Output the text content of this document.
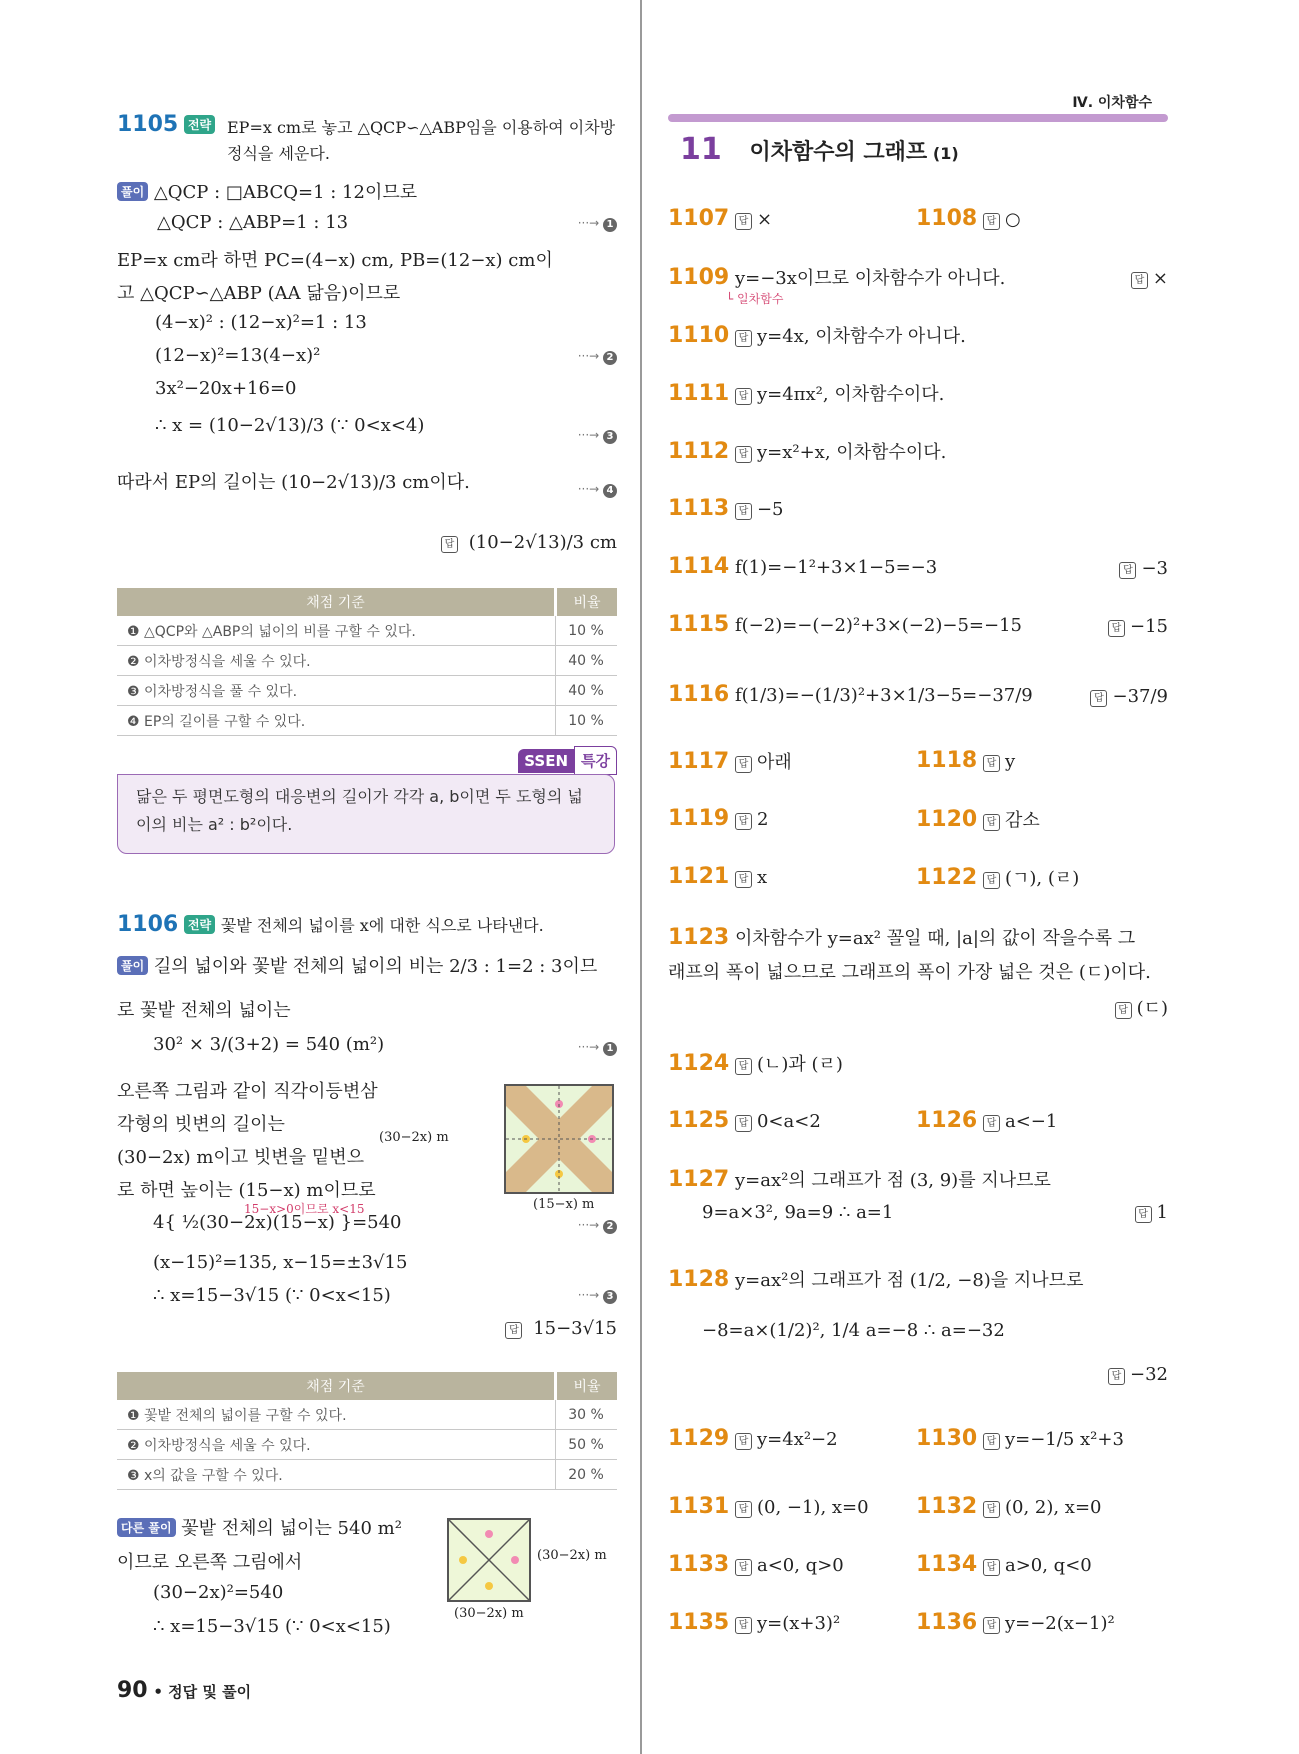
1105 전략 EP=x cm로 놓고 △QCP∽△ABP임을 이용하여 이차방정식을 세운다.
풀이 △QCP : □ABCQ=1 : 12이므로
△QCP : △ABP=1 : 13	···→ 1
EP=x cm라 하면 PC=(4−x) cm, PB=(12−x) cm이
고 △QCP∽△ABP (AA 닮음)이므로
(4−x)² : (12−x)²=1 : 13
(12−x)²=13(4−x)²	···→ 2
3x²−20x+16=0
∴ x = (10−2√13)/3 (∵ 0<x<4)	···→ 3
따라서 EP의 길이는 (10−2√13)/3 cm이다.	···→ 4
답 (10−2√13)/3 cm
채점 기준	비율
❶ △QCP와 △ABP의 넓이의 비를 구할 수 있다.	10 %
❷ 이차방정식을 세울 수 있다.	40 %
❸ 이차방정식을 풀 수 있다.	40 %
❹ EP의 길이를 구할 수 있다.	10 %
SSEN 특강
닮은 두 평면도형의 대응변의 길이가 각각 a, b이면 두 도형의 넓이의 비는 a² : b²이다.
1106 전략 꽃밭 전체의 넓이를 x에 대한 식으로 나타낸다.
풀이 길의 넓이와 꽃밭 전체의 넓이의 비는 2/3 : 1=2 : 3이므
로 꽃밭 전체의 넓이는
30² × 3/(3+2) = 540 (m²)	···→ 1
오른쪽 그림과 같이 직각이등변삼
각형의 빗변의 길이는
(30−2x) m이고 빗변을 밑변으
로 하면 높이는 (15−x) m이므로
15−x>0이므로 x<15
(30−2x) m
(15−x) m
4{ ½(30−2x)(15−x) }=540	···→ 2
(x−15)²=135, x−15=±3√15
∴ x=15−3√15 (∵ 0<x<15)	···→ 3
답 15−3√15
채점 기준	비율
❶ 꽃밭 전체의 넓이를 구할 수 있다.	30 %
❷ 이차방정식을 세울 수 있다.	50 %
❸ x의 값을 구할 수 있다.	20 %
다른 풀이 꽃밭 전체의 넓이는 540 m²
이므로 오른쪽 그림에서
(30−2x)²=540
∴ x=15−3√15 (∵ 0<x<15)
(30−2x) m
(30−2x) m
90 • 정답 및 풀이
Ⅳ. 이차함수
11 이차함수의 그래프 (1)
1107 답 ×	1108 답 ○
1109 y=−3x이므로 이차함수가 아니다.
└ 일차함수
답 ×
1110 답 y=4x, 이차함수가 아니다.
1111 답 y=4πx², 이차함수이다.
1112 답 y=x²+x, 이차함수이다.
1113 답 −5
1114 f(1)=−1²+3×1−5=−3	답 −3
1115 f(−2)=−(−2)²+3×(−2)−5=−15	답 −15
1116 f(1/3)=−(1/3)²+3×1/3−5=−37/9	답 −37/9
1117 답 아래	1118 답 y
1119 답 2	1120 답 감소
1121 답 x	1122 답 (ㄱ), (ㄹ)
1123 이차함수가 y=ax² 꼴일 때, |a|의 값이 작을수록 그
래프의 폭이 넓으므로 그래프의 폭이 가장 넓은 것은 (ㄷ)이다.
답 (ㄷ)
1124 답 (ㄴ)과 (ㄹ)
1125 답 0<a<2	1126 답 a<−1
1127 y=ax²의 그래프가 점 (3, 9)를 지나므로
9=a×3², 9a=9 ∴ a=1	답 1
1128 y=ax²의 그래프가 점 (1/2, −8)을 지나므로
−8=a×(1/2)², 1/4 a=−8 ∴ a=−32
답 −32
1129 답 y=4x²−2	1130 답 y=−1/5 x²+3
1131 답 (0, −1), x=0 1132 답 (0, 2), x=0
1133 답 a<0, q>0	1134 답 a>0, q<0
1135 답 y=(x+3)²	1136 답 y=−2(x−1)²
